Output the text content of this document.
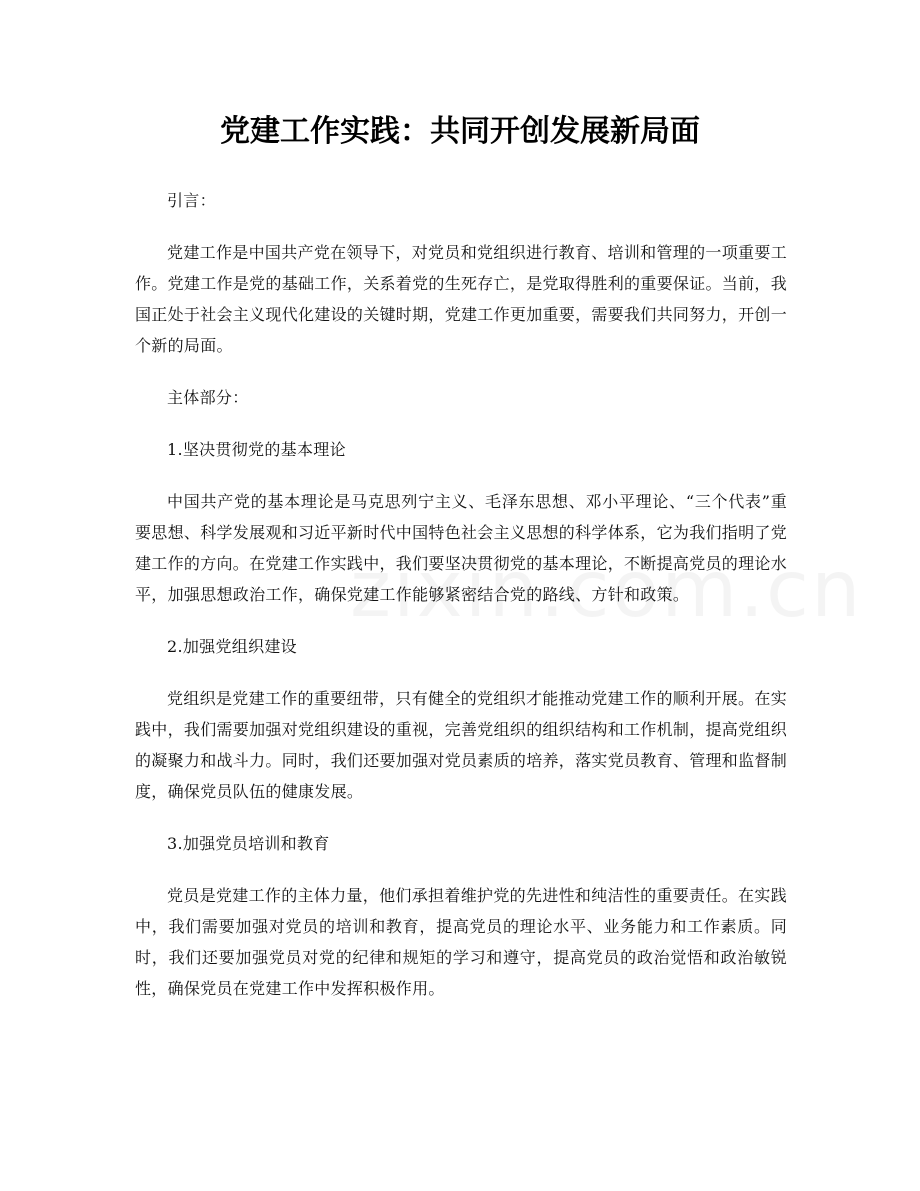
党建工作实践：共同开创发展新局面

引言：

党建工作是中国共产党在领导下，对党员和党组织进行教育、培训和管理的一项重要工作。党建工作是党的基础工作，关系着党的生死存亡，是党取得胜利的重要保证。当前，我国正处于社会主义现代化建设的关键时期，党建工作更加重要，需要我们共同努力，开创一个新的局面。

主体部分：

1.坚决贯彻党的基本理论

中国共产党的基本理论是马克思列宁主义、毛泽东思想、邓小平理论、“三个代表”重要思想、科学发展观和习近平新时代中国特色社会主义思想的科学体系，它为我们指明了党建工作的方向。在党建工作实践中，我们要坚决贯彻党的基本理论，不断提高党员的理论水平，加强思想政治工作，确保党建工作能够紧密结合党的路线、方针和政策。

2.加强党组织建设

党组织是党建工作的重要纽带，只有健全的党组织才能推动党建工作的顺利开展。在实践中，我们需要加强对党组织建设的重视，完善党组织的组织结构和工作机制，提高党组织的凝聚力和战斗力。同时，我们还要加强对党员素质的培养，落实党员教育、管理和监督制度，确保党员队伍的健康发展。

3.加强党员培训和教育

党员是党建工作的主体力量，他们承担着维护党的先进性和纯洁性的重要责任。在实践中，我们需要加强对党员的培训和教育，提高党员的理论水平、业务能力和工作素质。同时，我们还要加强党员对党的纪律和规矩的学习和遵守，提高党员的政治觉悟和政治敏锐性，确保党员在党建工作中发挥积极作用。
